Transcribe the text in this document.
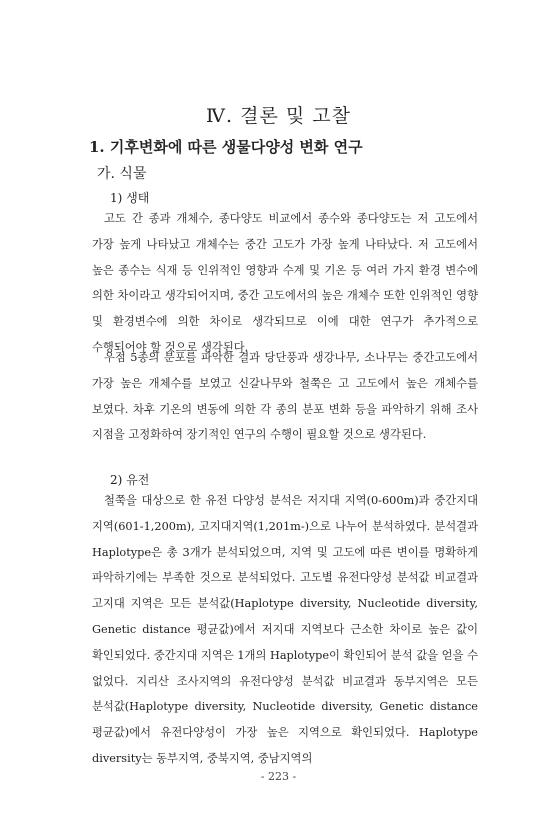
Ⅳ. 결론 및 고찰
1. 기후변화에 따른 생물다양성 변화 연구
가. 식물
1) 생태

고도 간 종과 개체수, 종다양도 비교에서 종수와 종다양도는 저 고도에서 가장 높게 나타났고 개체수는 중간 고도가 가장 높게 나타났다. 저 고도에서 높은 종수는 식재 등 인위적인 영향과 수계 및 기온 등 여러 가지 환경 변수에 의한 차이라고 생각되어지며, 중간 고도에서의 높은 개체수 또한 인위적인 영향 및 환경변수에 의한 차이로 생각되므로 이에 대한 연구가 추가적으로 수행되어야 할 것으로 생각된다.

우점 5종의 분포를 파악한 결과 당단풍과 생강나무, 소나무는 중간고도에서 가장 높은 개체수를 보였고 신갈나무와 철쭉은 고 고도에서 높은 개체수를 보였다. 차후 기온의 변동에 의한 각 종의 분포 변화 등을 파악하기 위해 조사 지점을 고정화하여 장기적인 연구의 수행이 필요할 것으로 생각된다.

2) 유전

철쭉을 대상으로 한 유전 다양성 분석은 저지대 지역(0-600m)과 중간지대 지역(601-1,200m), 고지대지역(1,201m-)으로 나누어 분석하였다. 분석결과 Haplotype은 총 3개가 분석되었으며, 지역 및 고도에 따른 변이를 명확하게 파악하기에는 부족한 것으로 분석되었다. 고도별 유전다양성 분석값 비교결과 고지대 지역은 모든 분석값(Haplotype diversity, Nucleotide diversity, Genetic distance 평균값)에서 저지대 지역보다 근소한 차이로 높은 값이 확인되었다. 중간지대 지역은 1개의 Haplotype이 확인되어 분석 값을 얻을 수 없었다. 지리산 조사지역의 유전다양성 분석값 비교결과 동부지역은 모든 분석값(Haplotype diversity, Nucleotide diversity, Genetic distance 평균값)에서 유전다양성이 가장 높은 지역으로 확인되었다. Haplotype diversity는 동부지역, 중북지역, 중남지역의

- 223 -
